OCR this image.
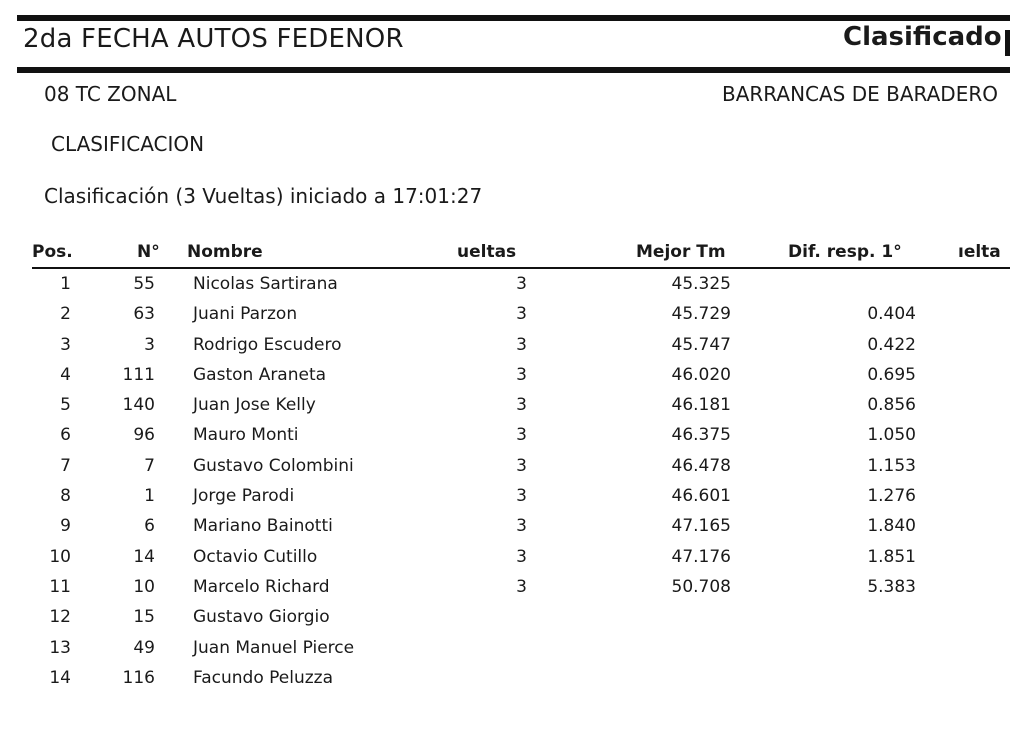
2da FECHA AUTOS FEDENOR	Clasificado
08 TC ZONAL	BARRANCAS DE BARADERO
CLASIFICACION
Clasificación (3 Vueltas) iniciado a 17:01:27
Pos.	N° Nombre	ueltas	Mejor Tm	Dif. resp. 1°	ıelta
1	55 Nicolas Sartirana	3	45.325
2	63 Juani Parzon	3	45.729	0.404
3	3 Rodrigo Escudero	3	45.747	0.422
4	111 Gaston Araneta	3	46.020	0.695
5	140 Juan Jose Kelly	3	46.181	0.856
6	96 Mauro Monti	3	46.375	1.050
7	7 Gustavo Colombini	3	46.478	1.153
8	1 Jorge Parodi	3	46.601	1.276
9	6 Mariano Bainotti	3	47.165	1.840
10	14 Octavio Cutillo	3	47.176	1.851
11	10 Marcelo Richard	3	50.708	5.383
12	15 Gustavo Giorgio
13	49 Juan Manuel Pierce
14	116 Facundo Peluzza
